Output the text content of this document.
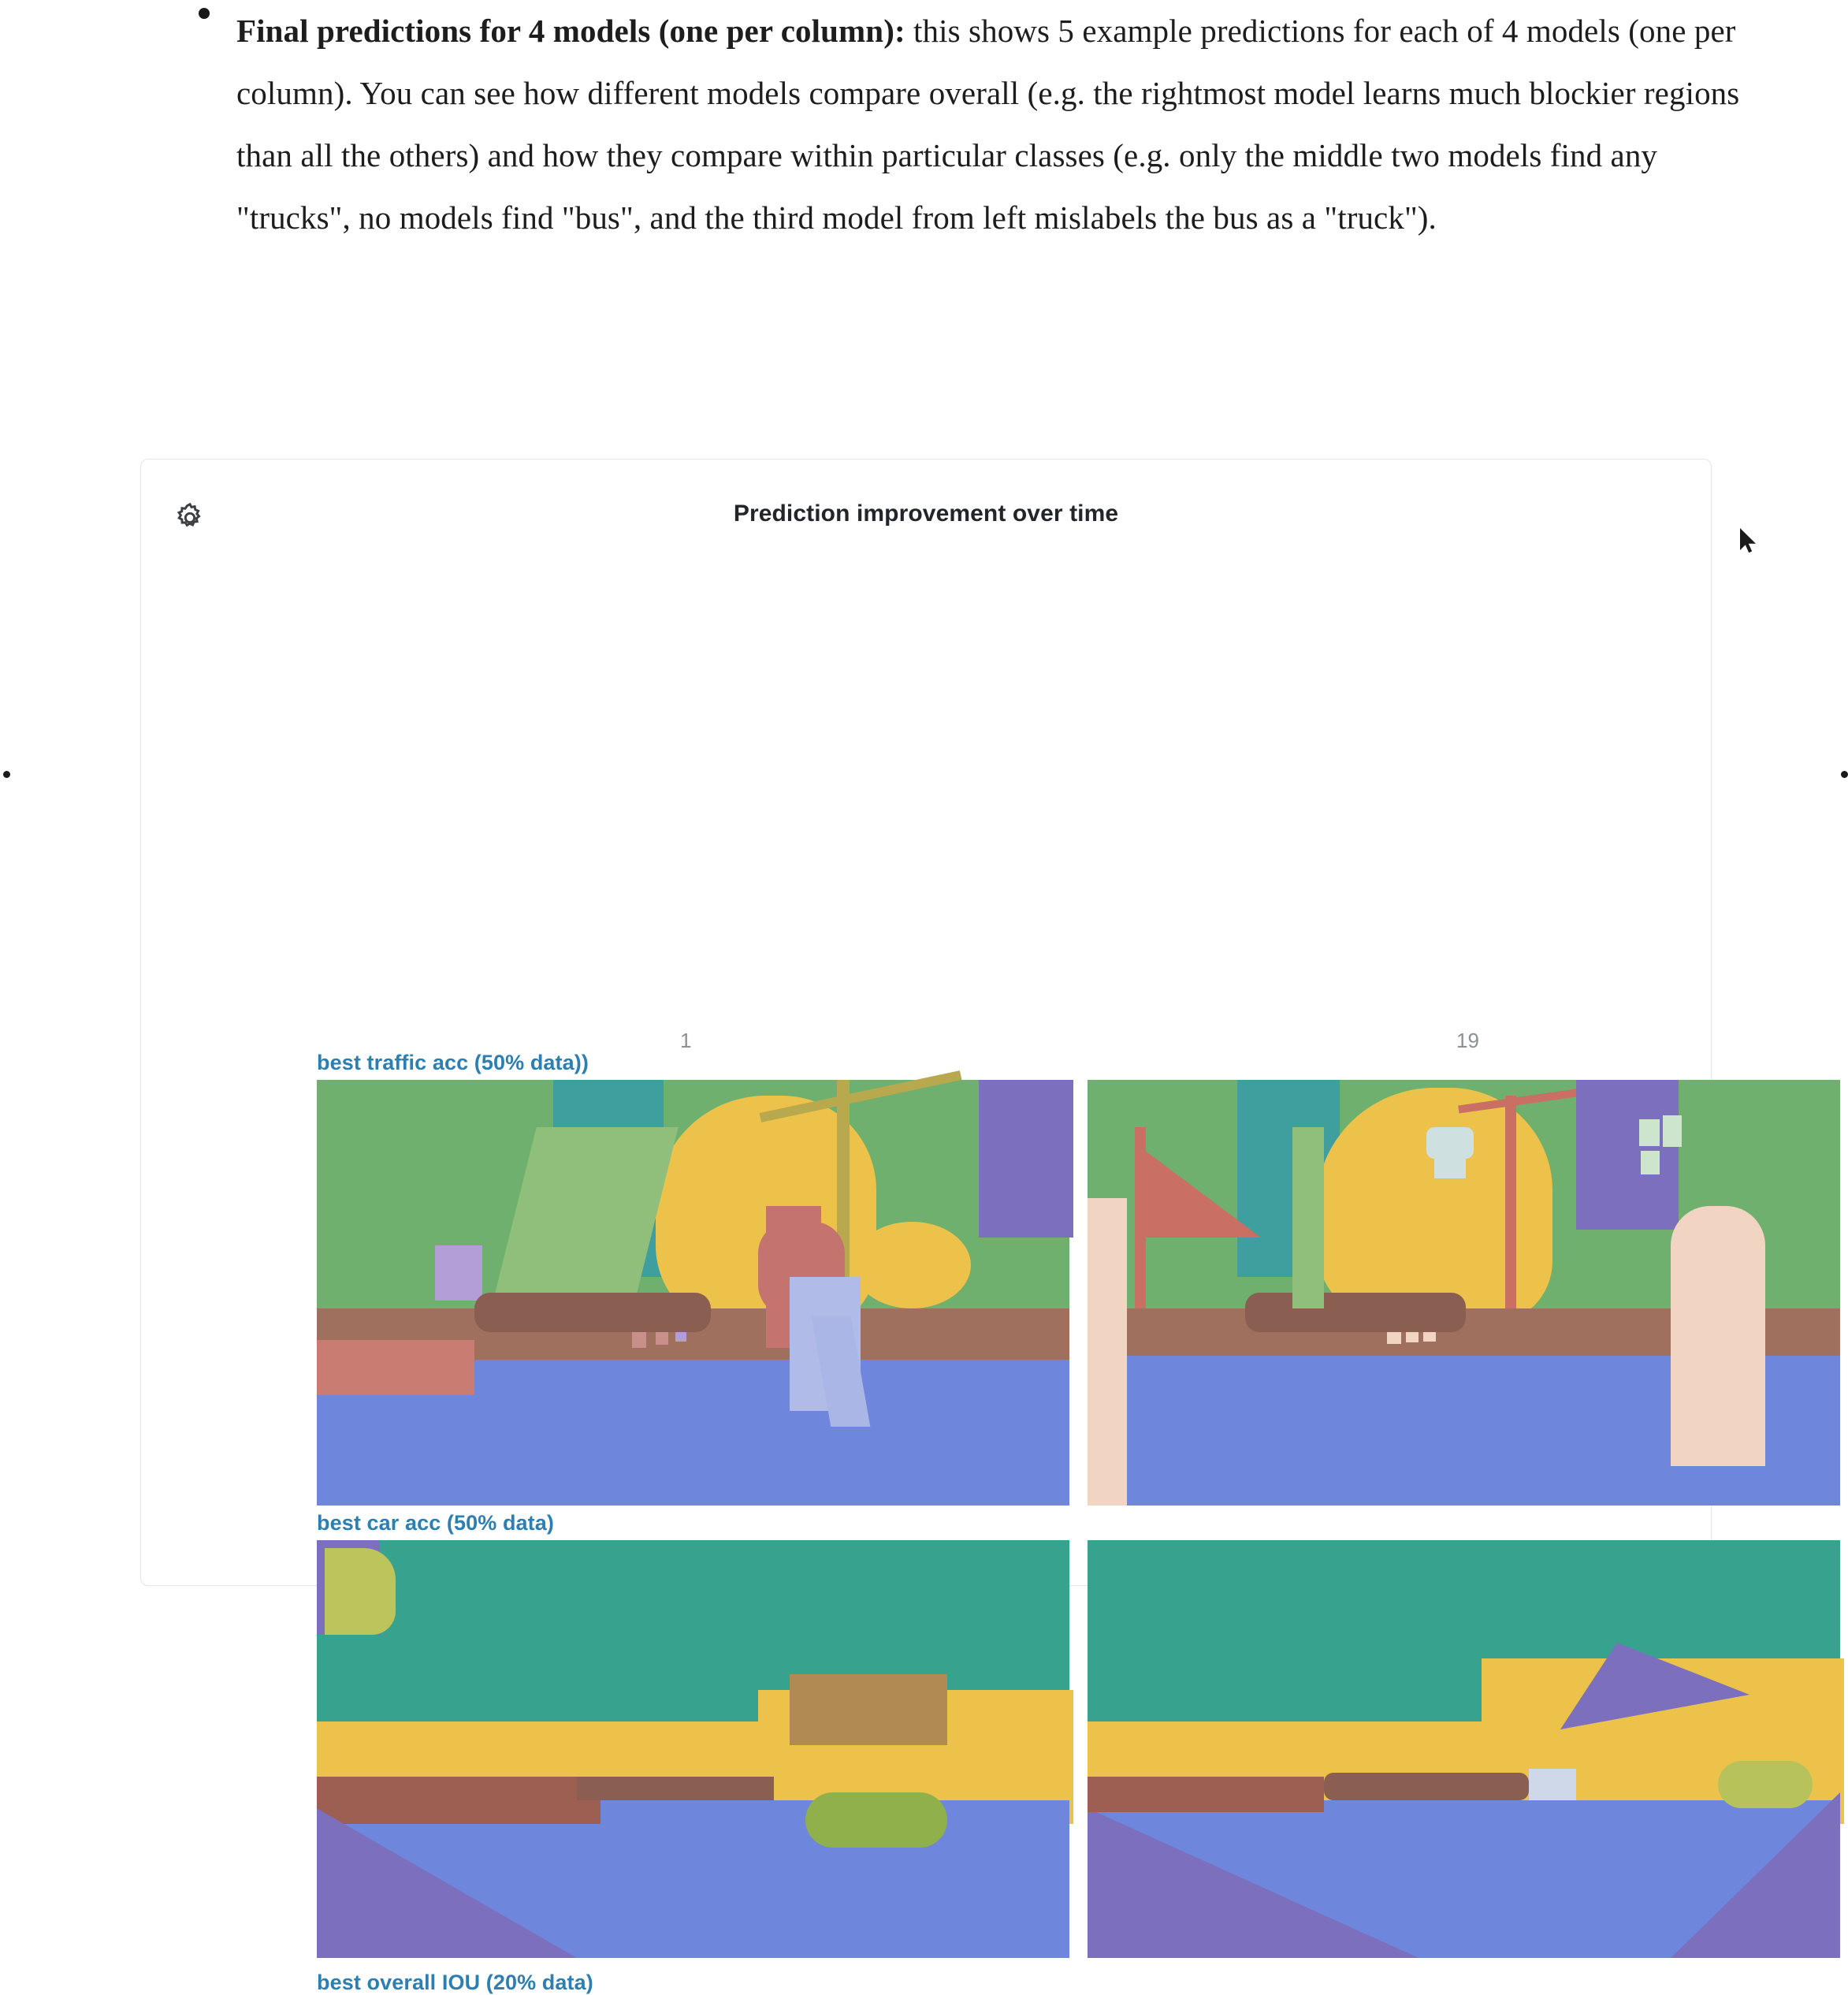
Final predictions for 4 models (one per column): this shows 5 example predictions for each of 4 models (one per column). You can see how different models compare overall (e.g. the rightmost model learns much blockier regions than all the others) and how they compare within particular classes (e.g. only the middle two models find any "trucks", no models find "bus", and the third model from left mislabels the bus as a "truck").

Prediction improvement over time
1	19
best traffic acc (50% data))
best car acc (50% data)
best overall IOU (20% data)
